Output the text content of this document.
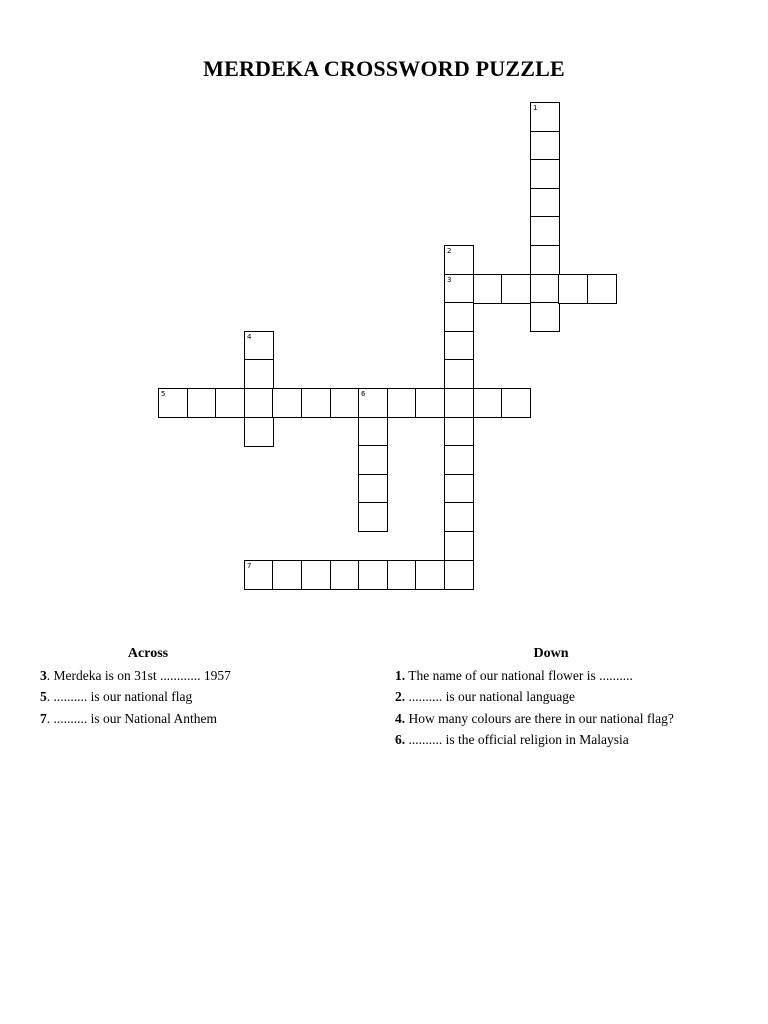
MERDEKA CROSSWORD PUZZLE
1
2
3
4
5	6
7
Across
3. Merdeka is on 31st ............ 1957
5. .......... is our national flag
7. .......... is our National Anthem
Down
1. The name of our national flower is ..........
2. .......... is our national language
4. How many colours are there in our national flag?
6. .......... is the official religion in Malaysia
